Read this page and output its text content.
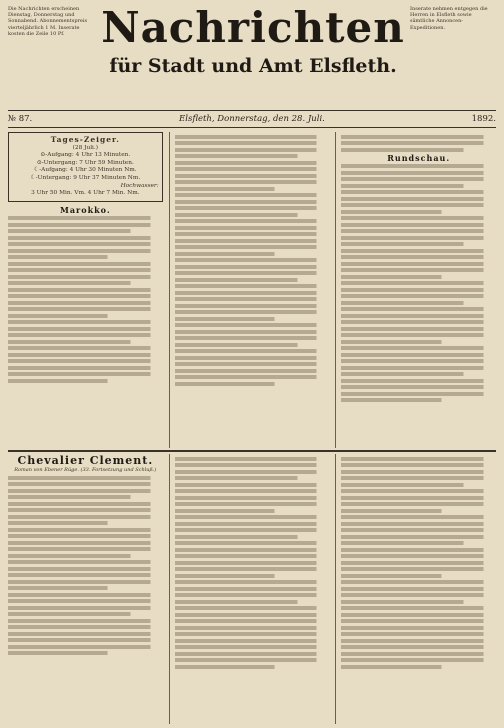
Die Nachrichten erscheinen Dienstag, Donnerstag und Sonnabend. Abonnementspreis vierteljährlich 1 M. Inserate kosten die Zeile 10 Pf.
Inserate nehmen entgegen die Herren in Elsfleth sowie sämtliche Annoncen-Expeditionen.
Nachrichten
für Stadt und Amt Elsfleth.
№ 87.	Elsfleth, Donnerstag, den 28. Juli.	1892.
Tages-Zeiger.
(28 Juli.)
⊙-Aufgang: 4 Uhr 13 Minuten.
⊙-Untergang: 7 Uhr 59 Minuten.
☾-Aufgang: 4 Uhr 30 Minuten Nm.
☾-Untergang: 9 Uhr 37 Minuten Nm.
Hochwasser:
3 Uhr 50 Min. Vm. 4 Uhr 7 Min. Nm.
Marokko.
Rundschau.
Chevalier Clement.
Roman von Ebener Rüge. (33. Fortsetzung und Schluß.)
